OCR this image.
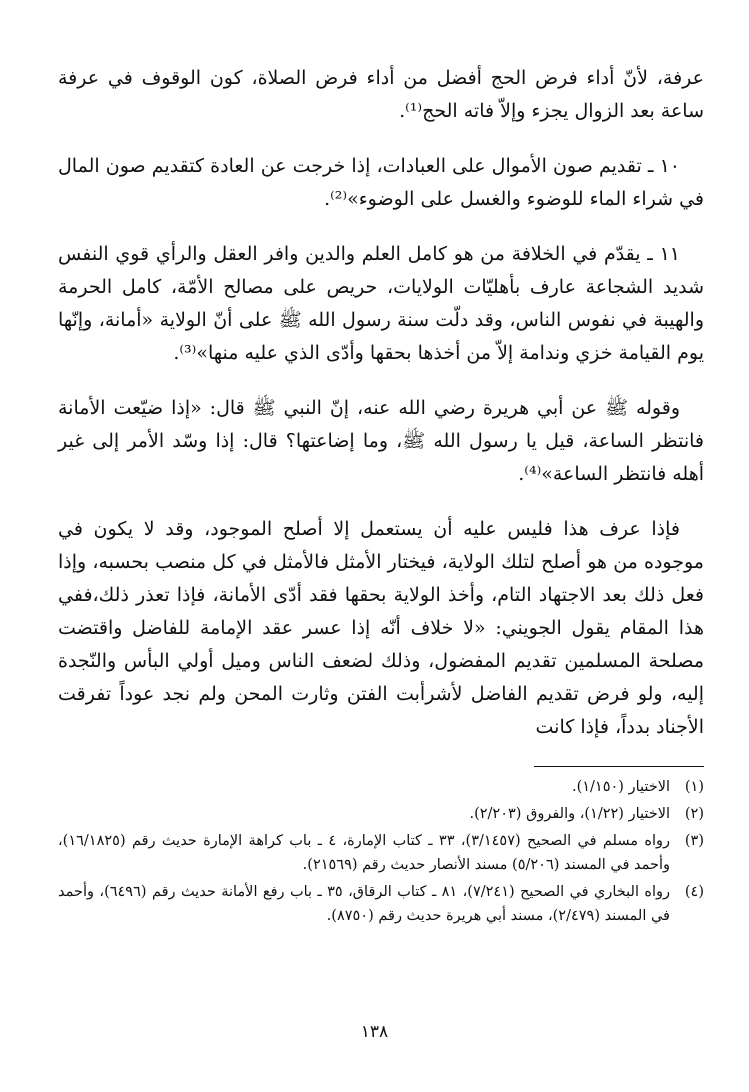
عرفة، لأنّ أداء فرض الحج أفضل من أداء فرض الصلاة، كون الوقوف في عرفة ساعة بعد الزوال يجزء وإلاّ فاته الحج⁽¹⁾.

١٠ ـ تقديم صون الأموال على العبادات، إذا خرجت عن العادة كتقديم صون المال في شراء الماء للوضوء والغسل على الوضوء»⁽²⁾.

١١ ـ يقدّم في الخلافة من هو كامل العلم والدين وافر العقل والرأي قوي النفس شديد الشجاعة عارف بأهليّات الولايات، حريص على مصالح الأمّة، كامل الحرمة والهيبة في نفوس الناس، وقد دلّت سنة رسول الله ﷺ على أنّ الولاية «أمانة، وإنّها يوم القيامة خزي وندامة إلاّ من أخذها بحقها وأدّى الذي عليه منها»⁽³⁾.

وقوله ﷺ عن أبي هريرة رضي الله عنه، إنّ النبي ﷺ قال: «إذا ضيّعت الأمانة فانتظر الساعة، قيل يا رسول الله ﷺ، وما إضاعتها؟ قال: إذا وسّد الأمر إلى غير أهله فانتظر الساعة»⁽⁴⁾.

فإذا عرف هذا فليس عليه أن يستعمل إلا أصلح الموجود، وقد لا يكون في موجوده من هو أصلح لتلك الولاية، فيختار الأمثل فالأمثل في كل منصب بحسبه، وإذا فعل ذلك بعد الاجتهاد التام، وأخذ الولاية بحقها فقد أدّى الأمانة، فإذا تعذر ذلك،ففي هذا المقام يقول الجويني: «لا خلاف أنّه إذا عسر عقد الإمامة للفاضل واقتضت مصلحة المسلمين تقديم المفضول، وذلك لضعف الناس وميل أولي البأس والنّجدة إليه، ولو فرض تقديم الفاضل لأشرأبت الفتن وثارت المحن ولم نجد عوداً تفرقت الأجناد بدداً، فإذا كانت

(١)
الاختيار (١/١٥٠).
(٢)
الاختيار (١/٢٢)، والفروق (٢/٢٠٣).
(٣)
رواه مسلم في الصحيح (٣/١٤٥٧)، ٣٣ ـ كتاب الإمارة، ٤ ـ باب كراهة الإمارة حديث رقم (١٦/١٨٢٥)، وأحمد في المسند (٥/٢٠٦) مسند الأنصار حديث رقم (٢١٥٦٩).
(٤)
رواه البخاري في الصحيح (٧/٢٤١)، ٨١ ـ كتاب الرقاق، ٣٥ ـ باب رفع الأمانة حديث رقم (٦٤٩٦)، وأحمد في المسند (٢/٤٧٩)، مسند أبي هريرة حديث رقم (٨٧٥٠).
١٣٨
